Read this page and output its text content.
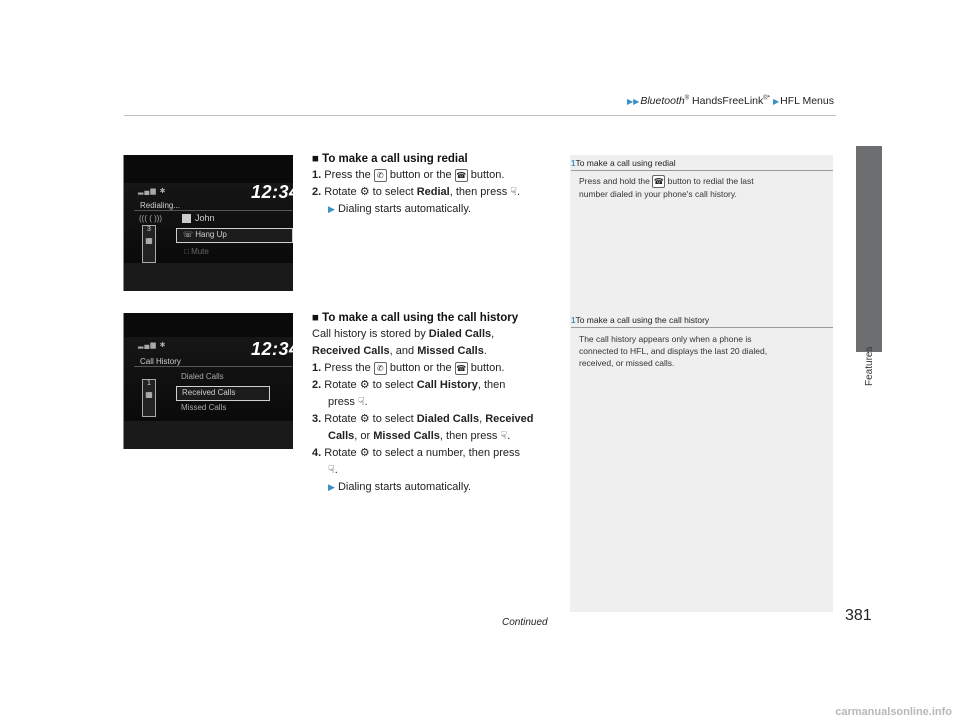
▶▶Bluetooth® HandsFreeLink®* ▶HFL Menus
Features
▂▄▆ ✱	12:34
Redialing...
((( ( )))	John
3
▦
☏ Hang Up
□ Mute
▂▄▆ ✱	12:34
Call History
1
▦
Dialed Calls
Received Calls
Missed Calls
■ To make a call using redial
1. Press the ✆ button or the ☎ button.
2. Rotate ⚙ to select Redial, then press ☟.
▶ Dialing starts automatically.
■ To make a call using the call history
Call history is stored by Dialed Calls,
Received Calls, and Missed Calls.
1. Press the ✆ button or the ☎ button.
2. Rotate ⚙ to select Call History, then
press ☟.
3. Rotate ⚙ to select Dialed Calls, Received
Calls, or Missed Calls, then press ☟.
4. Rotate ⚙ to select a number, then press
☟.
▶ Dialing starts automatically.
1To make a call using redial
Press and hold the ☎ button to redial the last
number dialed in your phone's call history.
1To make a call using the call history
The call history appears only when a phone is
connected to HFL, and displays the last 20 dialed,
received, or missed calls.
Continued	381
carmanualsonline.info
